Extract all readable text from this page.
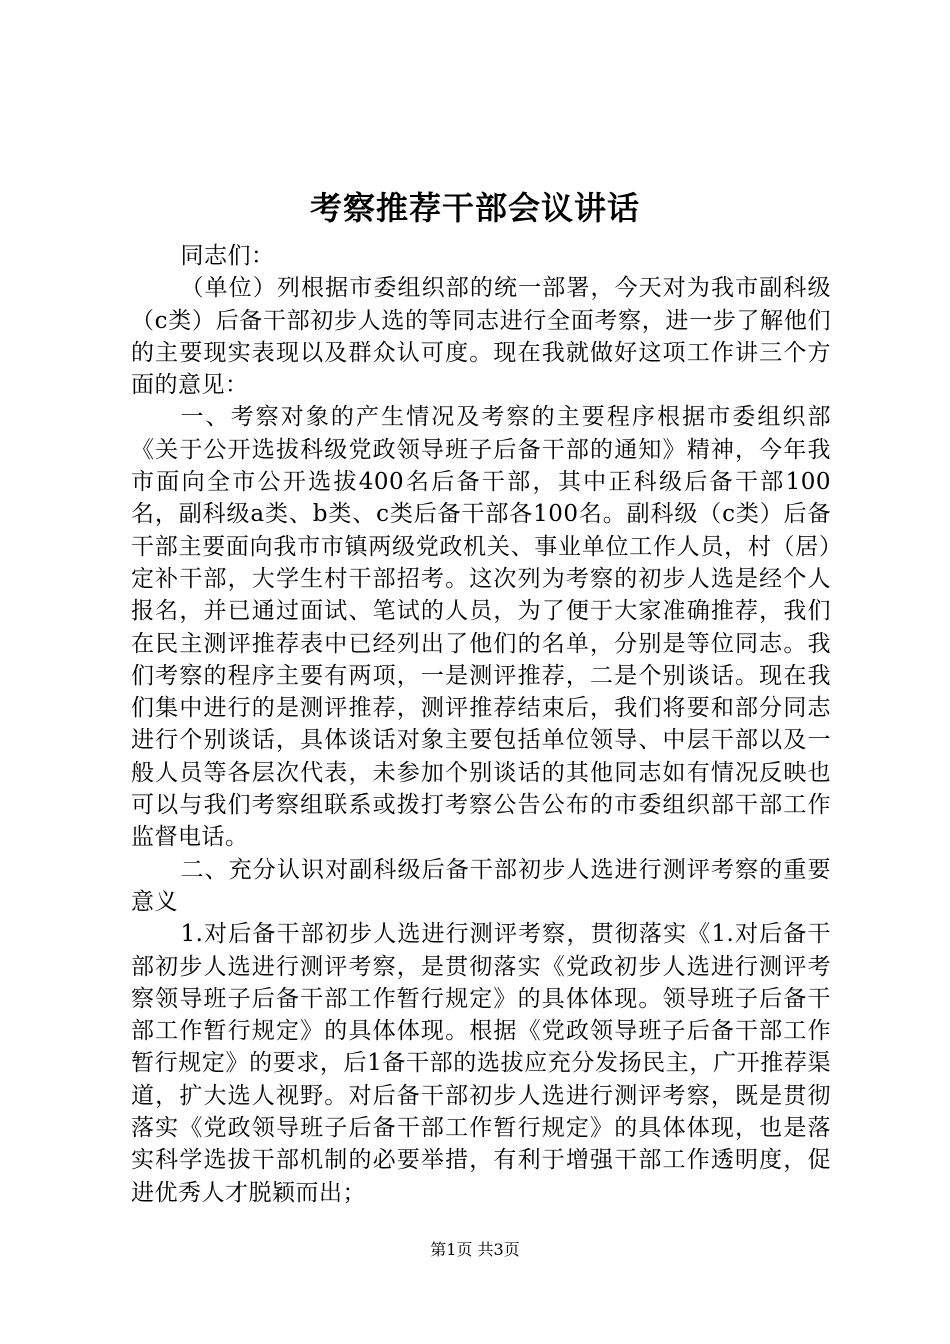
考察推荐干部会议讲话

同志们：

（单位）列根据市委组织部的统一部署，今天对为我市副科级（c类）后备干部初步人选的等同志进行全面考察，进一步了解他们的主要现实表现以及群众认可度。现在我就做好这项工作讲三个方面的意见：

一、考察对象的产生情况及考察的主要程序根据市委组织部《关于公开选拔科级党政领导班子后备干部的通知》精神，今年我市面向全市公开选拔400名后备干部，其中正科级后备干部100名，副科级a类、b类、c类后备干部各100名。副科级（c类）后备干部主要面向我市市镇两级党政机关、事业单位工作人员，村（居）定补干部，大学生村干部招考。这次列为考察的初步人选是经个人报名，并已通过面试、笔试的人员，为了便于大家准确推荐，我们在民主测评推荐表中已经列出了他们的名单，分别是等位同志。我们考察的程序主要有两项，一是测评推荐，二是个别谈话。现在我们集中进行的是测评推荐，测评推荐结束后，我们将要和部分同志进行个别谈话，具体谈话对象主要包括单位领导、中层干部以及一般人员等各层次代表，未参加个别谈话的其他同志如有情况反映也可以与我们考察组联系或拨打考察公告公布的市委组织部干部工作监督电话。

二、充分认识对副科级后备干部初步人选进行测评考察的重要意义

1.对后备干部初步人选进行测评考察，贯彻落实《1.对后备干部初步人选进行测评考察，是贯彻落实《党政初步人选进行测评考察领导班子后备干部工作暂行规定》的具体体现。领导班子后备干部工作暂行规定》的具体体现。根据《党政领导班子后备干部工作暂行规定》的要求，后1备干部的选拔应充分发扬民主，广开推荐渠道，扩大选人视野。对后备干部初步人选进行测评考察，既是贯彻落实《党政领导班子后备干部工作暂行规定》的具体体现，也是落实科学选拔干部机制的必要举措，有利于增强干部工作透明度，促进优秀人才脱颖而出；

第1页 共3页
